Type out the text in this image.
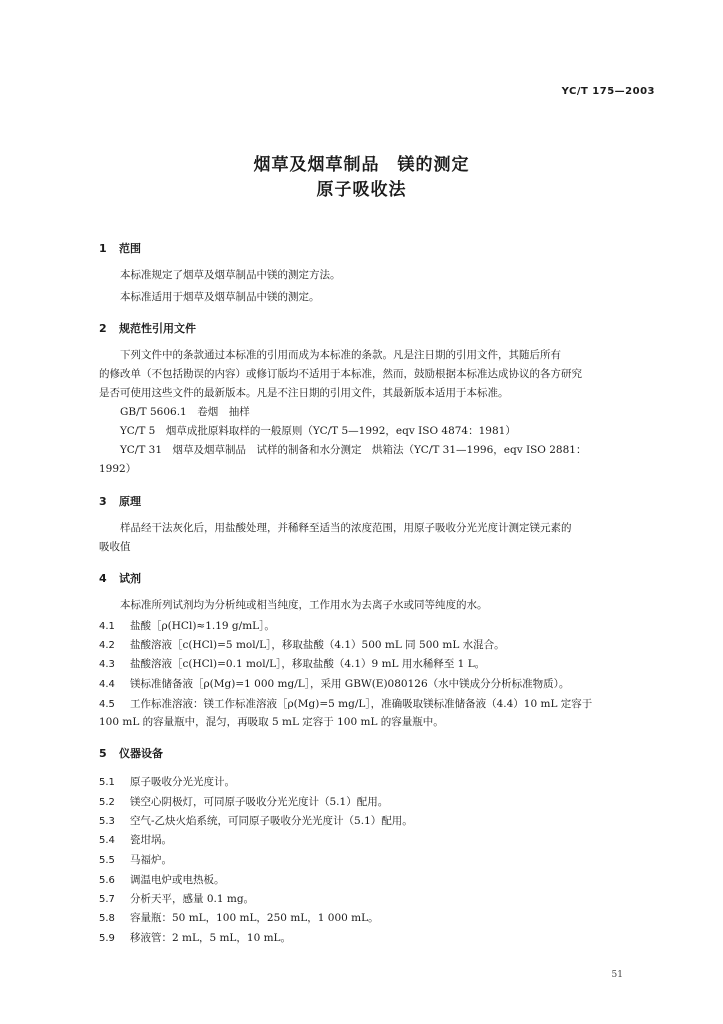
YC/T 175—2003
烟草及烟草制品　镁的测定
原子吸收法
1 范围
本标准规定了烟草及烟草制品中镁的测定方法。
本标准适用于烟草及烟草制品中镁的测定。
2 规范性引用文件
下列文件中的条款通过本标准的引用而成为本标准的条款。凡是注日期的引用文件，其随后所有
的修改单（不包括勘误的内容）或修订版均不适用于本标准，然而，鼓励根据本标准达成协议的各方研究
是否可使用这些文件的最新版本。凡是不注日期的引用文件，其最新版本适用于本标准。
GB/T 5606.1　卷烟　抽样
YC/T 5　烟草成批原料取样的一般原则（YC/T 5—1992，eqv ISO 4874：1981）
YC/T 31　烟草及烟草制品　试样的制备和水分测定　烘箱法（YC/T 31—1996，eqv ISO 2881：
1992）
3 原理
样品经干法灰化后，用盐酸处理，并稀释至适当的浓度范围，用原子吸收分光光度计测定镁元素的
吸收值
4 试剂
本标准所列试剂均为分析纯或相当纯度，工作用水为去离子水或同等纯度的水。
4.1 盐酸［ρ(HCl)≈1.19 g/mL］。
4.2 盐酸溶液［c(HCl)=5 mol/L］，移取盐酸（4.1）500 mL 同 500 mL 水混合。
4.3 盐酸溶液［c(HCl)=0.1 mol/L］，移取盐酸（4.1）9 mL 用水稀释至 1 L。
4.4 镁标准储备液［ρ(Mg)=1 000 mg/L］，采用 GBW(E)080126（水中镁成分分析标准物质）。
4.5 工作标准溶液：镁工作标准溶液［ρ(Mg)=5 mg/L］，准确吸取镁标准储备液（4.4）10 mL 定容于
100 mL 的容量瓶中，混匀，再吸取 5 mL 定容于 100 mL 的容量瓶中。
5 仪器设备
5.1 原子吸收分光光度计。
5.2 镁空心阴极灯，可同原子吸收分光光度计（5.1）配用。
5.3 空气-乙炔火焰系统，可同原子吸收分光光度计（5.1）配用。
5.4 瓷坩埚。
5.5 马福炉。
5.6 调温电炉或电热板。
5.7 分析天平，感量 0.1 mg。
5.8 容量瓶：50 mL，100 mL，250 mL，1 000 mL。
5.9 移液管：2 mL，5 mL，10 mL。
51
